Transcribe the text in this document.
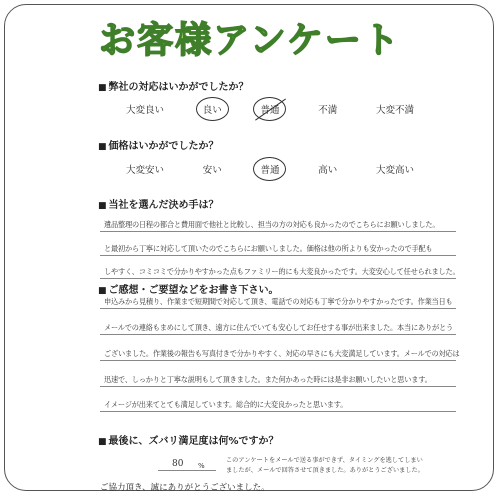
お客様アンケート
■ 弊社の対応はいかがでしたか？
大変良い	良い	普通	不満	大変不満
■ 価格はいかがでしたか？
大変安い	安い	普通	高い	大変高い
■ 当社を選んだ決め手は？
遺品整理の日程の都合と費用面で他社と比較し、担当の方の対応も良かったのでこちらにお願いしました。
と最初から丁寧に対応して頂いたのでこちらにお願いしました。価格は他の所よりも安かったので手配も
しやすく、コミコミで分かりやすかった点もファミリー的にも大変良かったです。大変安心して任せられました。
■ ご感想・ご要望などをお書き下さい。
申込みから見積り、作業まで短期間で対応して頂き、電話での対応も丁寧で分かりやすかったです。作業当日も
メールでの連絡もまめにして頂き、遠方に住んでいても安心してお任せする事が出来ました。本当にありがとう
ございました。作業後の報告も写真付きで分かりやすく、対応の早さにも大変満足しています。メールでの対応は
迅速で、しっかりと丁寧な説明もして頂きました。また何かあった時には是非お願いしたいと思います。
イメージが出来てとても満足しています。総合的に大変良かったと思います。
■ 最後に、ズバリ満足度は何%ですか？
80 %
このアンケートをメールで送る事ができず、タイミングを逃してしまい
ましたが、メールで回答させて頂きました。ありがとうございました。
ご協力頂き、誠にありがとうございました。
